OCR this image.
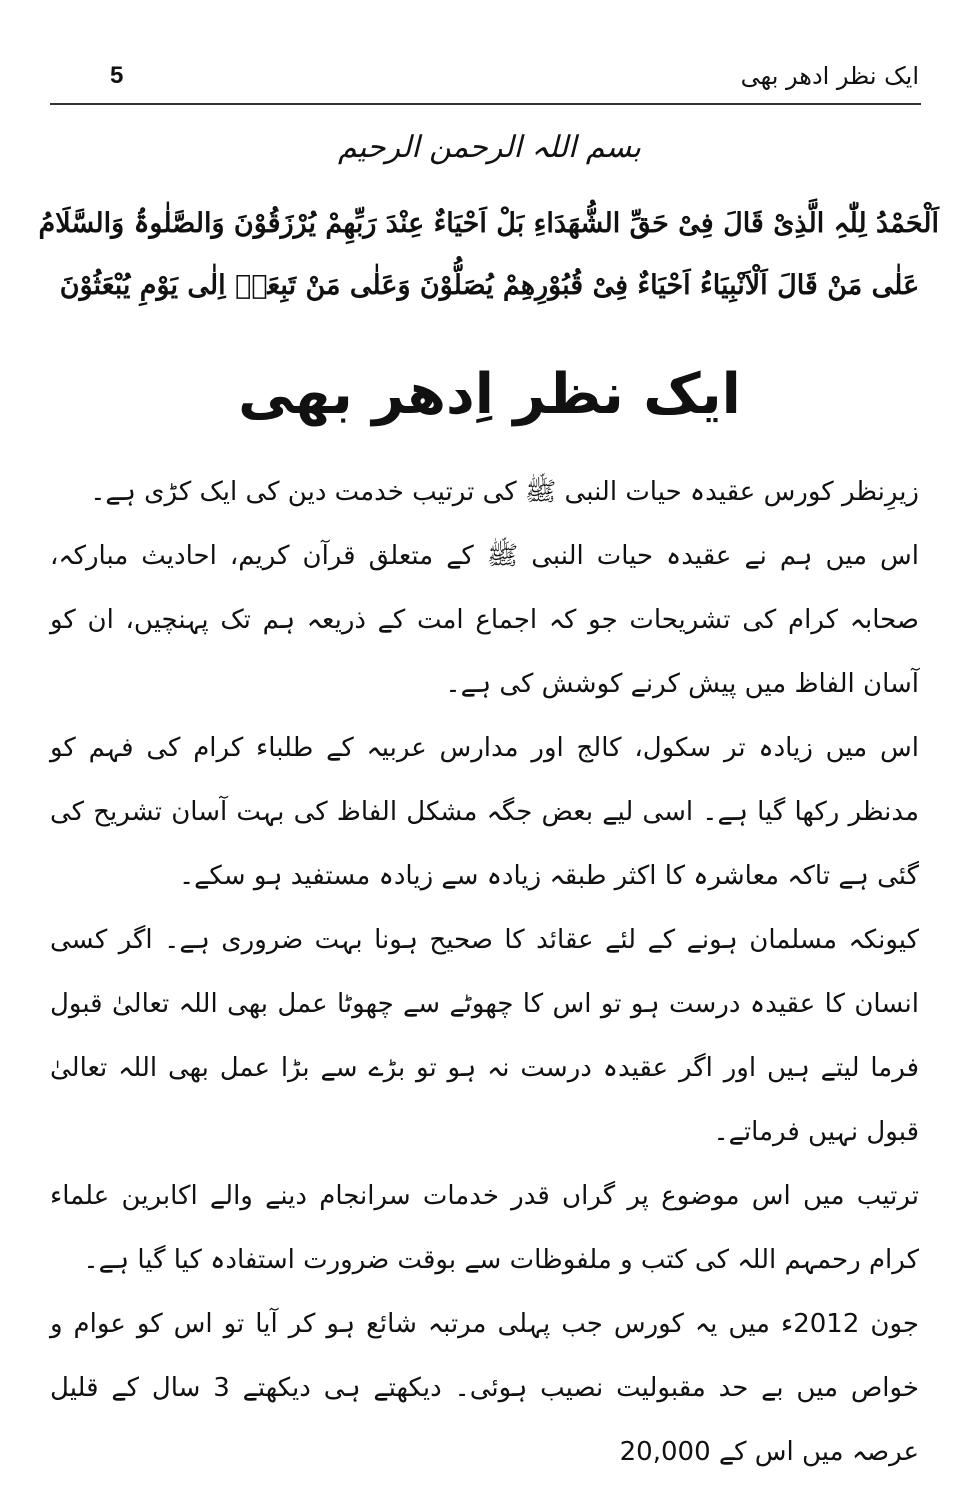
5	ایک نظر ادھر بھی
بسم اللہ الرحمن الرحیم
اَلْحَمْدُ لِلّٰہِ الَّذِیْ قَالَ فِیْ حَقِّ الشُّھَدَاءِ بَلْ اَحْیَاءٌ عِنْدَ رَبِّھِمْ یُرْزَقُوْنَ وَالصَّلٰوۃُ وَالسَّلَامُ
عَلٰی مَنْ قَالَ اَلْاَنْبِیَاءُ اَحْیَاءٌ فِیْ قُبُوْرِھِمْ یُصَلُّوْنَ وَعَلٰی مَنْ تَبِعَہٗ اِلٰی یَوْمِ یُبْعَثُوْنَ
ایک نظر اِدھر بھی

زیرِنظر کورس عقیدہ حیات النبی ﷺ کی ترتیب خدمت دین کی ایک کڑی ہے۔

اس میں ہم نے عقیدہ حیات النبی ﷺ کے متعلق قرآن کریم، احادیث مبارکہ، صحابہ کرام کی تشریحات جو کہ اجماع امت کے ذریعہ ہم تک پہنچیں، ان کو آسان الفاظ میں پیش کرنے کوشش کی ہے۔

اس میں زیادہ تر سکول، کالج اور مدارس عربیہ کے طلباء کرام کی فہم کو مدنظر رکھا گیا ہے۔ اسی لیے بعض جگہ مشکل الفاظ کی بہت آسان تشریح کی گئی ہے تاکہ معاشرہ کا اکثر طبقہ زیادہ سے زیادہ مستفید ہو سکے۔

کیونکہ مسلمان ہونے کے لئے عقائد کا صحیح ہونا بہت ضروری ہے۔ اگر کسی انسان کا عقیدہ درست ہو تو اس کا چھوٹے سے چھوٹا عمل بھی اللہ تعالیٰ قبول فرما لیتے ہیں اور اگر عقیدہ درست نہ ہو تو بڑے سے بڑا عمل بھی اللہ تعالیٰ قبول نہیں فرماتے۔

ترتیب میں اس موضوع پر گراں قدر خدمات سرانجام دینے والے اکابرین علماء کرام رحمہم اللہ کی کتب و ملفوظات سے بوقت ضرورت استفادہ کیا گیا ہے۔

جون 2012ء میں یہ کورس جب پہلی مرتبہ شائع ہو کر آیا تو اس کو عوام و خواص میں بے حد مقبولیت نصیب ہوئی۔ دیکھتے ہی دیکھتے 3 سال کے قلیل عرصہ میں اس کے 20,000
